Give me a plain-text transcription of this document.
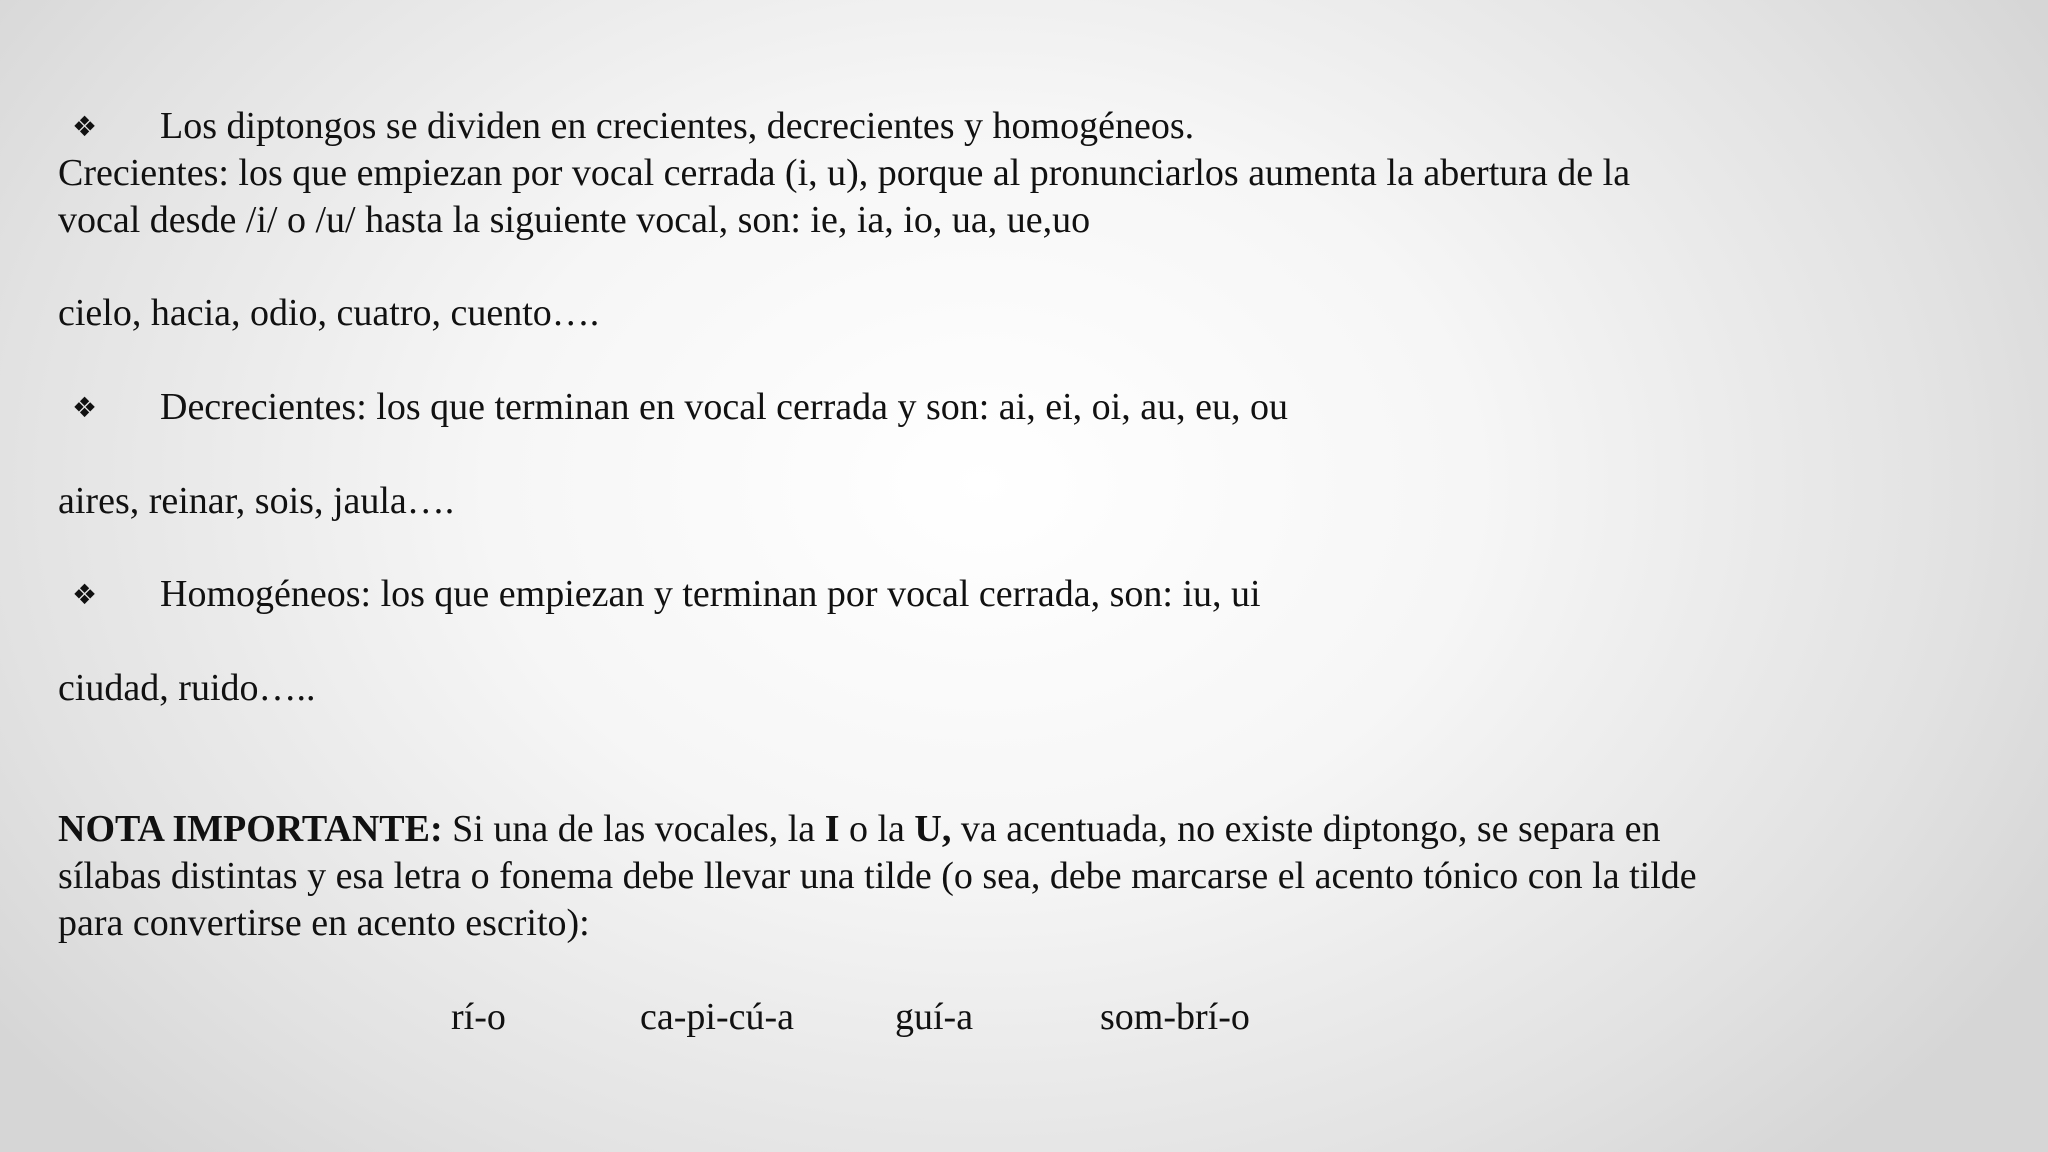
❖ Los diptongos se dividen en crecientes, decrecientes y homogéneos.
Crecientes: los que empiezan por vocal cerrada (i, u), porque al pronunciarlos aumenta la abertura de la
vocal desde /i/ o /u/ hasta la siguiente vocal, son: ie, ia, io, ua, ue,uo
cielo, hacia, odio, cuatro, cuento….
❖ Decrecientes: los que terminan en vocal cerrada y son: ai, ei, oi, au, eu, ou
aires, reinar, sois, jaula….
❖ Homogéneos: los que empiezan y terminan por vocal cerrada, son: iu, ui
ciudad, ruido…..
NOTA IMPORTANTE: Si una de las vocales, la I o la U, va acentuada, no existe diptongo, se separa en
sílabas distintas y esa letra o fonema debe llevar una tilde (o sea, debe marcarse el acento tónico con la tilde
para convertirse en acento escrito):
rí-o	ca-pi-cú-a	guí-a	som-brí-o
